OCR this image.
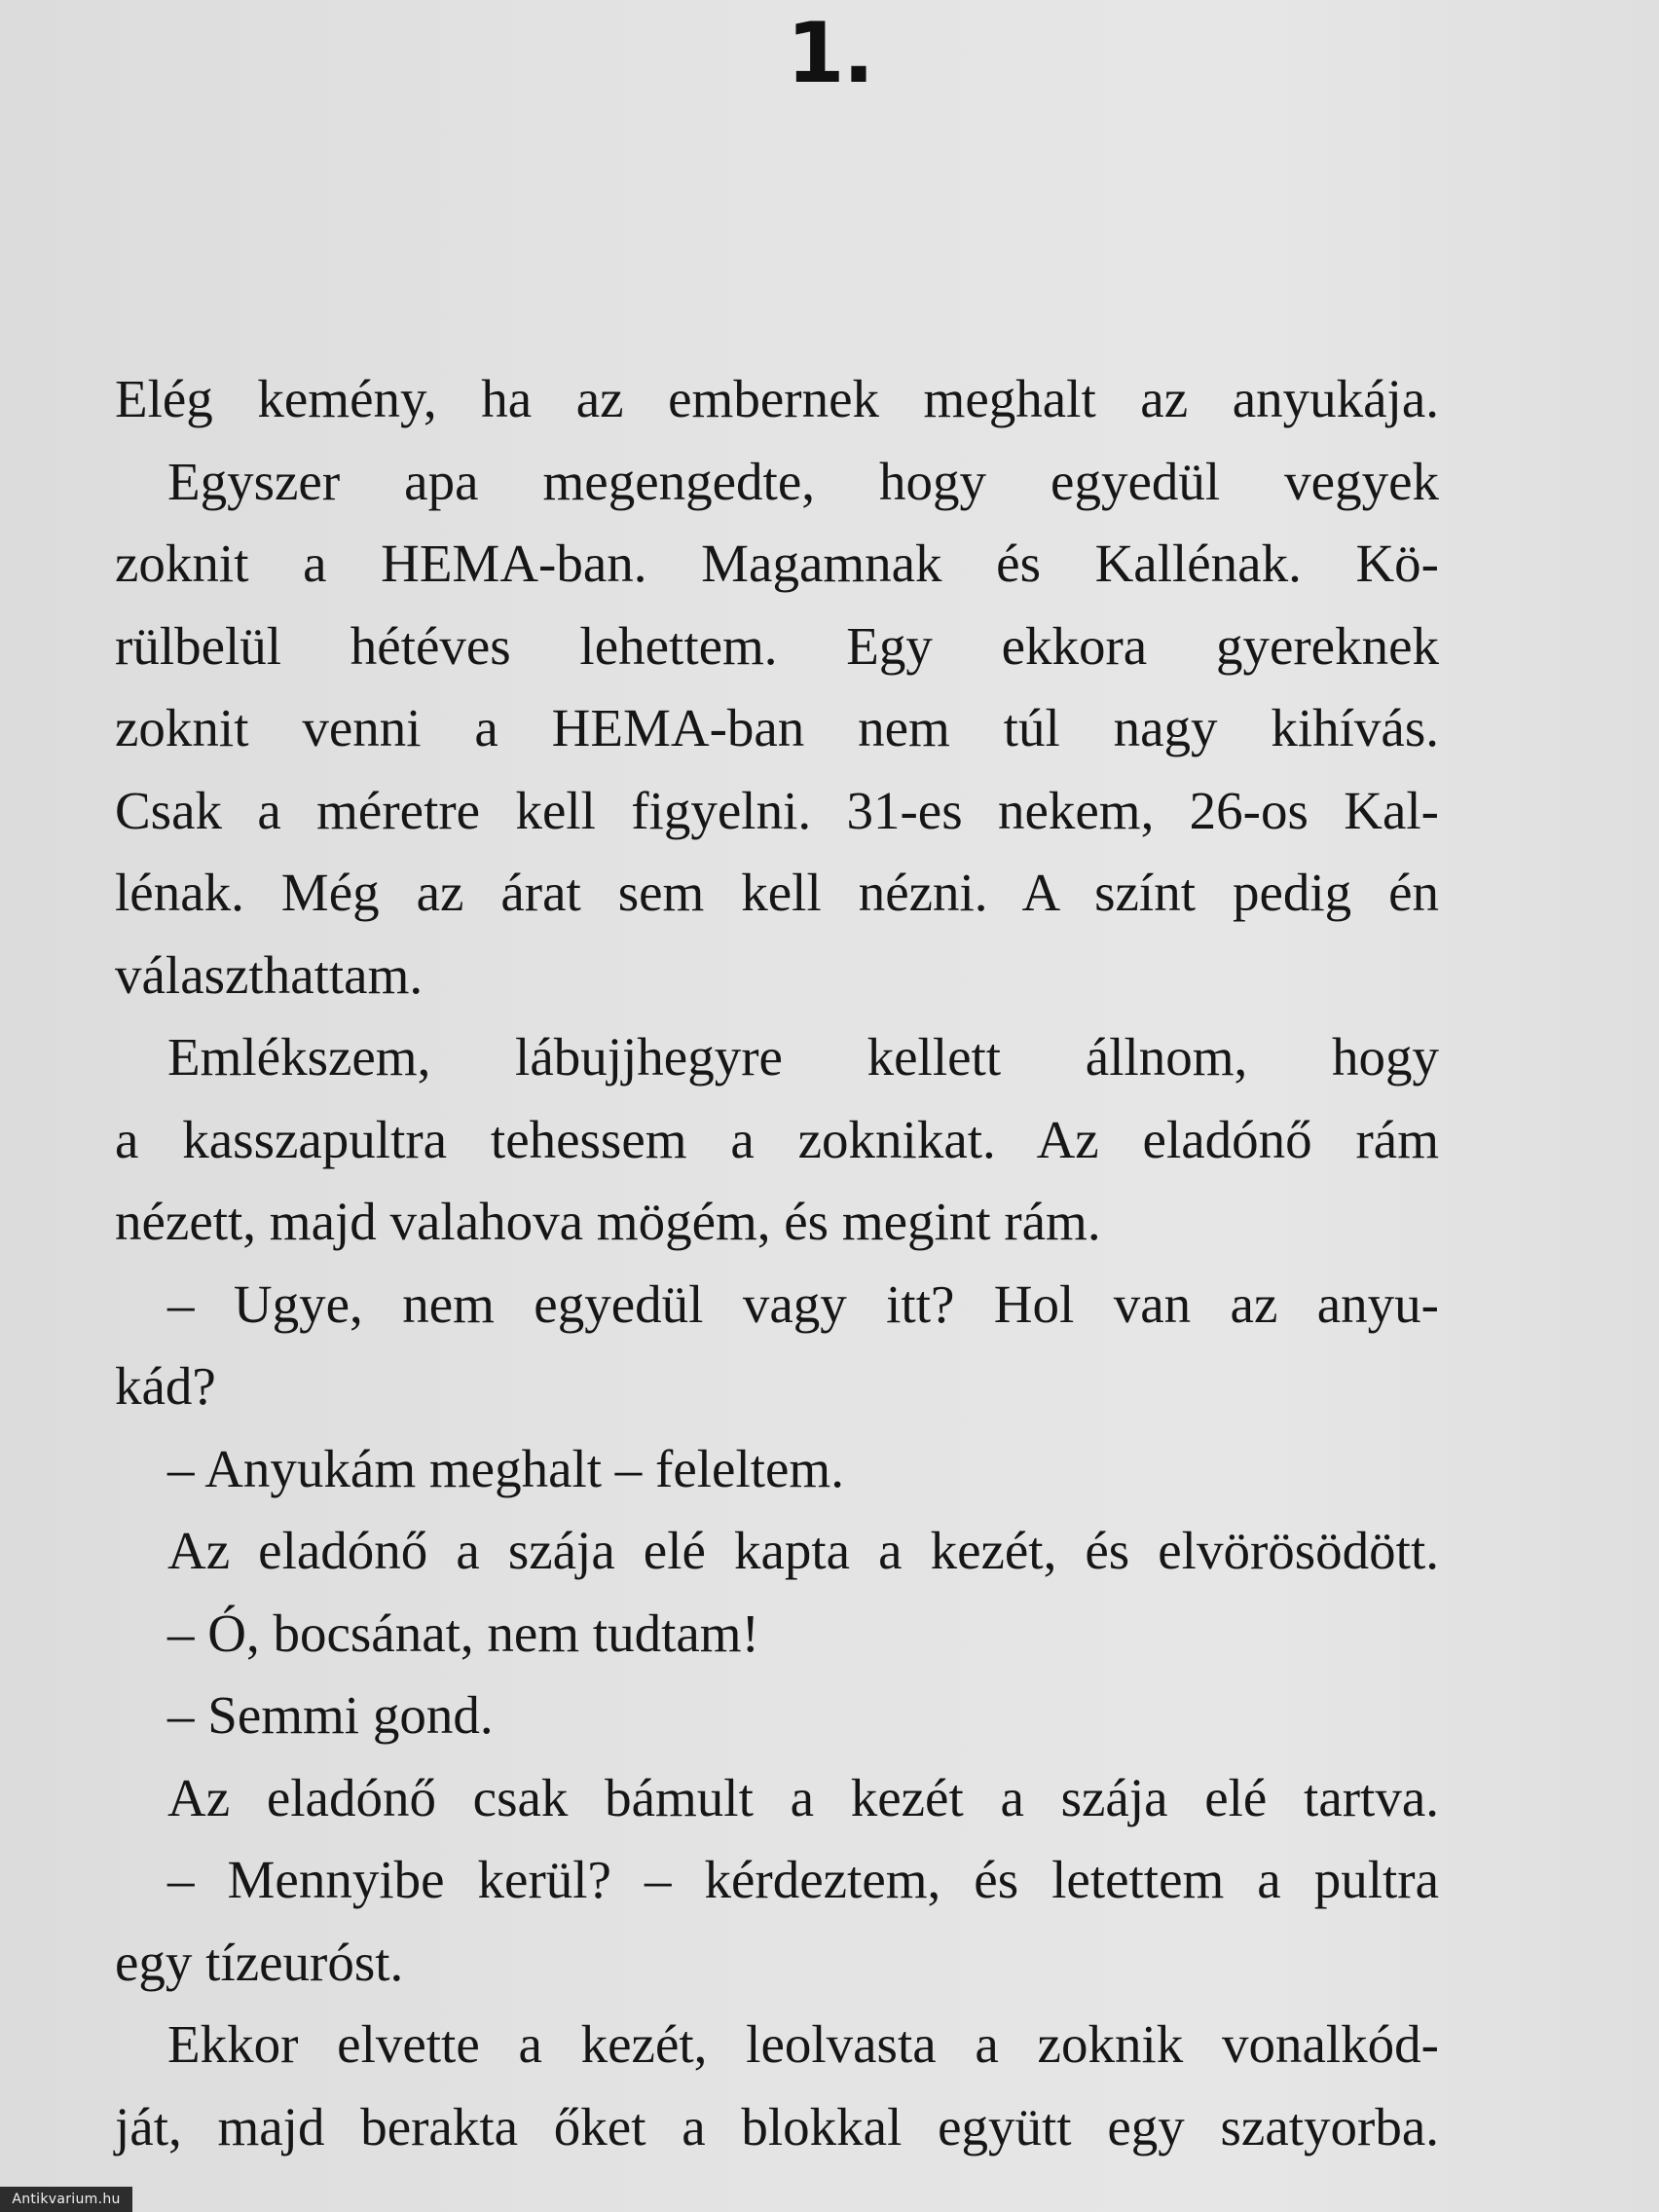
1.
Elég kemény, ha az embernek meghalt az anyukája.
Egyszer apa megengedte, hogy egyedül vegyek
zoknit a HEMA-ban. Magamnak és Kallénak. Kö-
rülbelül hétéves lehettem. Egy ekkora gyereknek
zoknit venni a HEMA-ban nem túl nagy kihívás.
Csak a méretre kell figyelni. 31-es nekem, 26-os Kal-
lénak. Még az árat sem kell nézni. A színt pedig én
választhattam.
Emlékszem, lábujjhegyre kellett állnom, hogy
a kasszapultra tehessem a zoknikat. Az eladónő rám
nézett, majd valahova mögém, és megint rám.
– Ugye, nem egyedül vagy itt? Hol van az anyu-
kád?
– Anyukám meghalt – feleltem.
Az eladónő a szája elé kapta a kezét, és elvörösödött.
– Ó, bocsánat, nem tudtam!
– Semmi gond.
Az eladónő csak bámult a kezét a szája elé tartva.
– Mennyibe kerül? – kérdeztem, és letettem a pultra
egy tízeuróst.
Ekkor elvette a kezét, leolvasta a zoknik vonalkód-
ját, majd berakta őket a blokkal együtt egy szatyorba.
Antikvarium.hu
